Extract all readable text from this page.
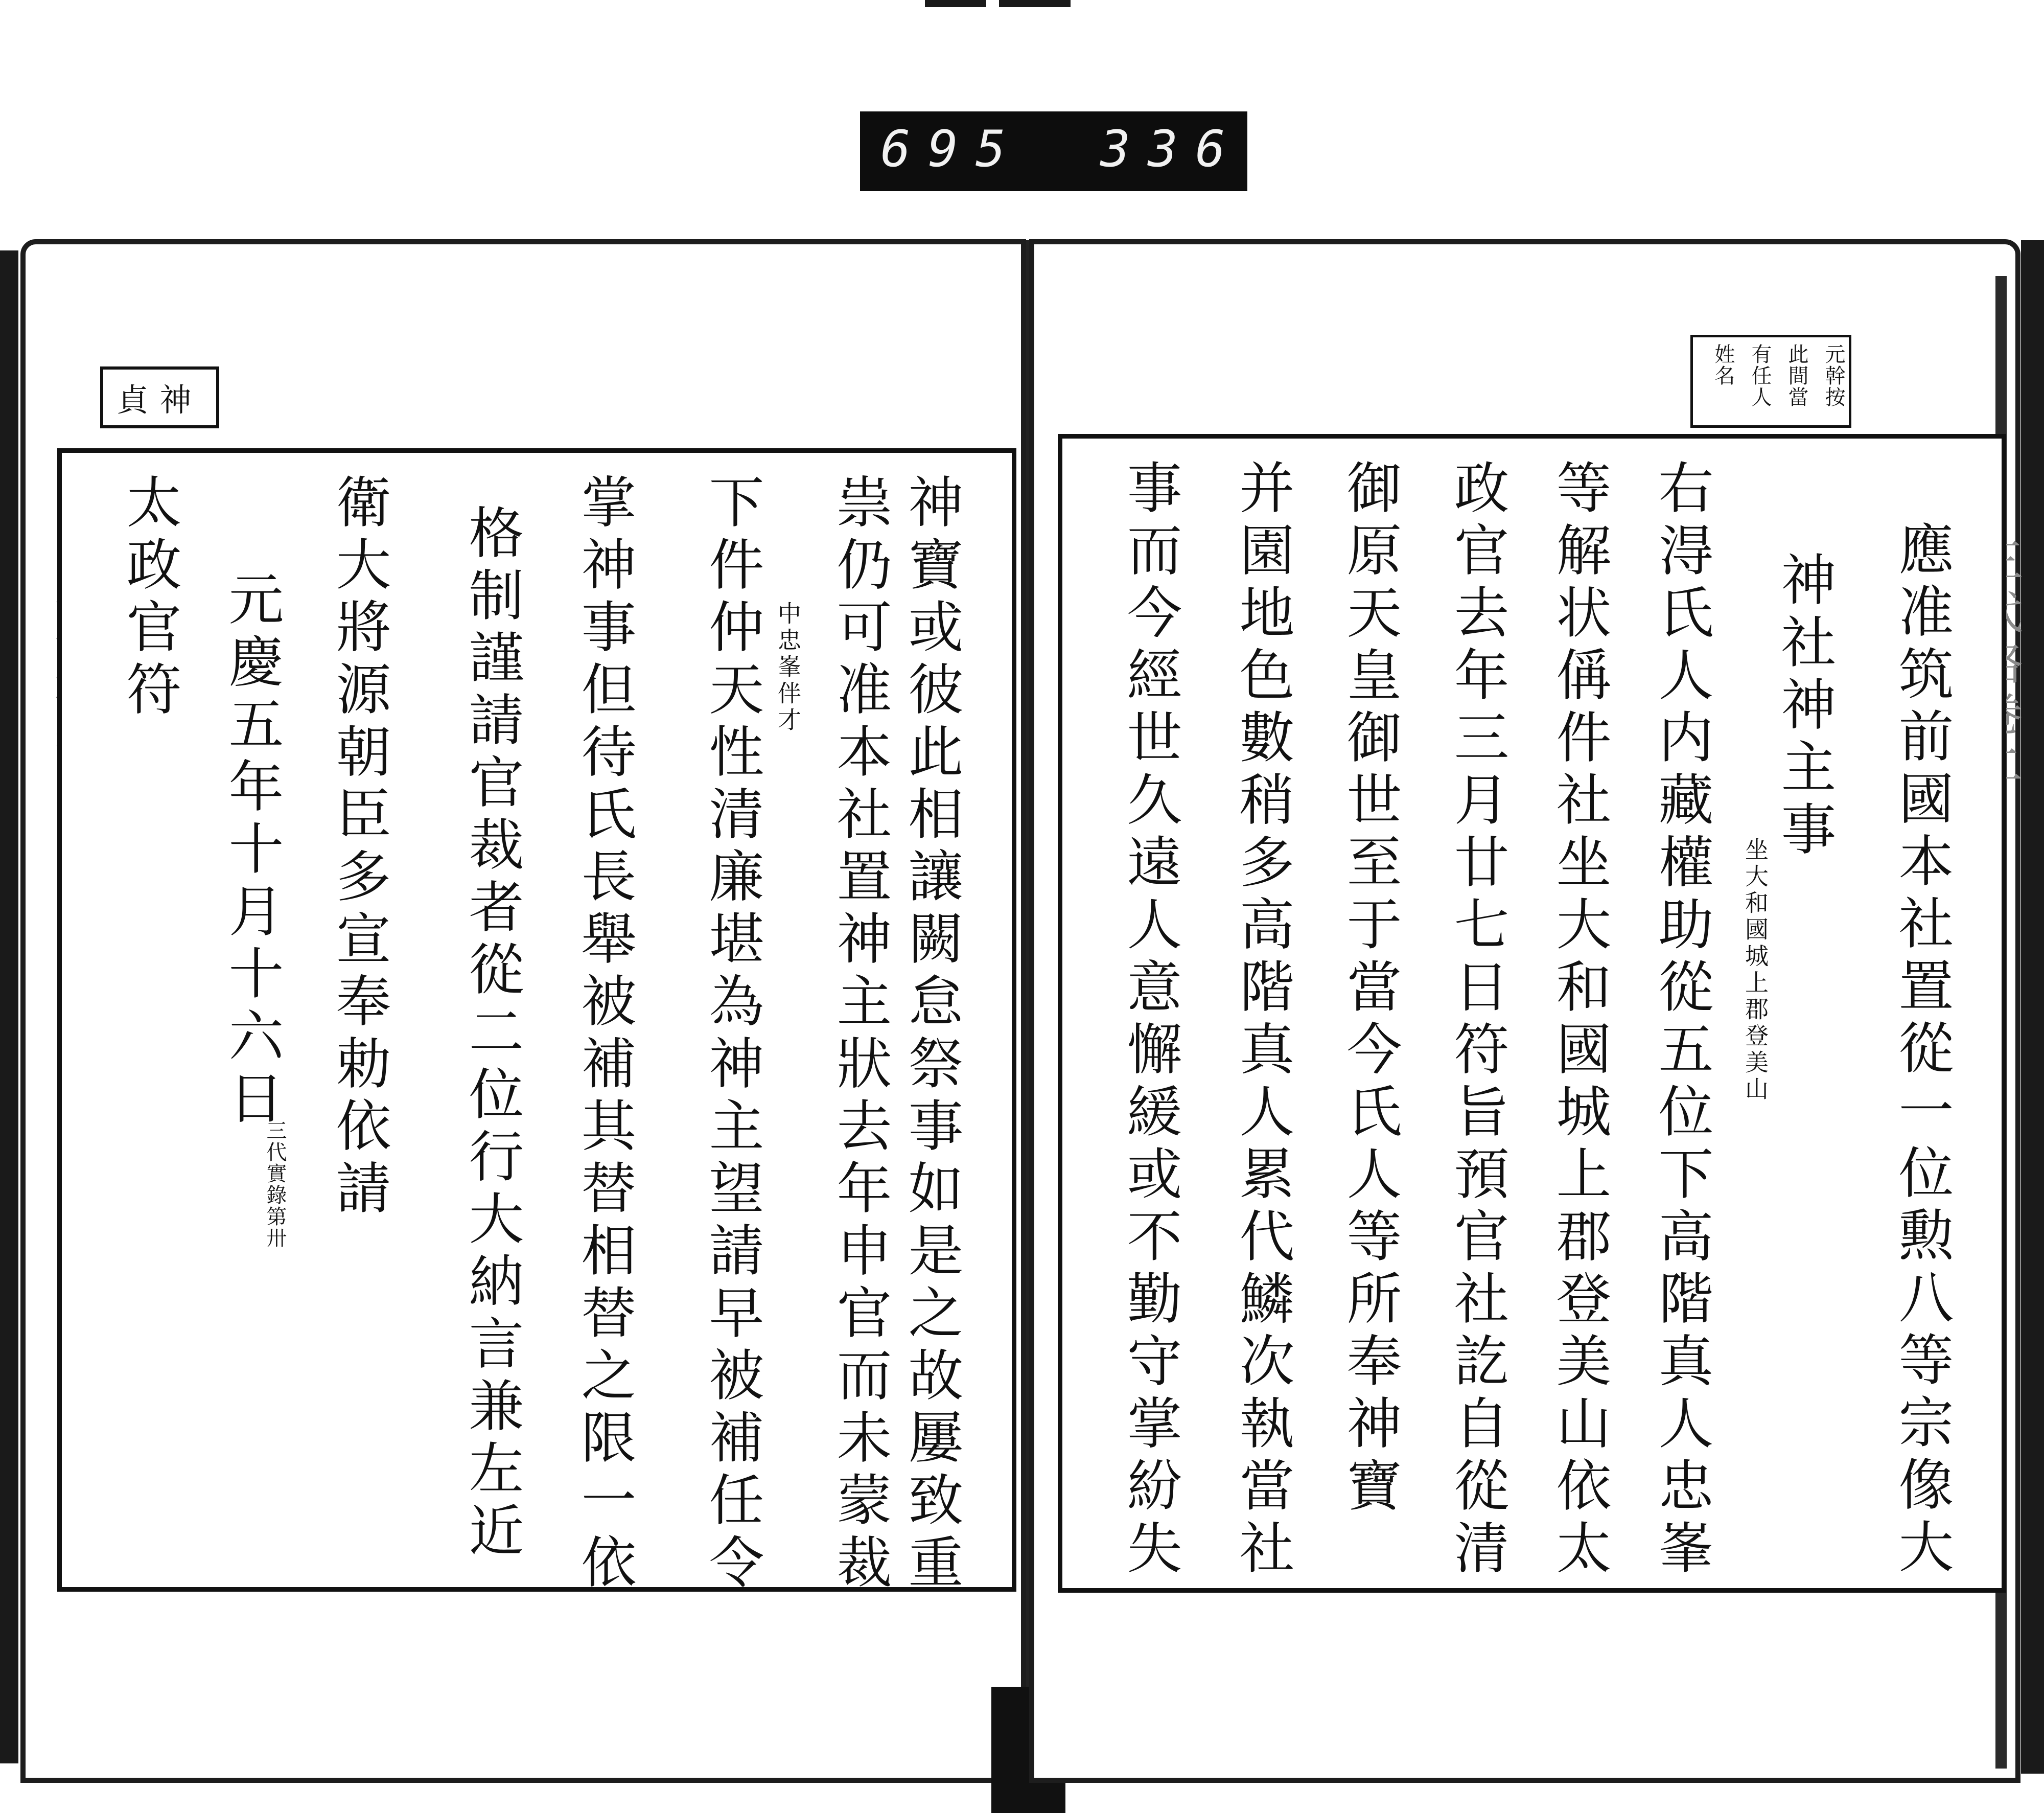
695 336
貞神
神寶或彼此相讓闕怠祭事如是之故屢致重
祟仍可准本社置神主狀去年申官而未蒙裁
下件仲天性清廉堪為神主望請早被補任令 中忠峯伴才
掌神事但待氏長舉被補其替相替之限一依
格制謹請官裁者從二位行大納言兼左近
衛大將源朝臣多宣奉勅依請
元慶五年十月十六日
三代實錄第卅
太政官符
元幹按
此間當
有任人
姓名
應准筑前國本社置從一位勲八等宗像大
神社神主事
坐大和國城上郡登美山
右淂氏人内藏權助從五位下高階真人忠峯
等解状偁件社坐大和國城上郡登美山依太
政官去年三月廿七日符旨預官社訖自從清
御原天皇御世至于當今氏人等所奉神寶
并園地色數稍多高階真人累代鱗次執當社
事而今經世久遠人意懈緩或不勤守掌紛失
